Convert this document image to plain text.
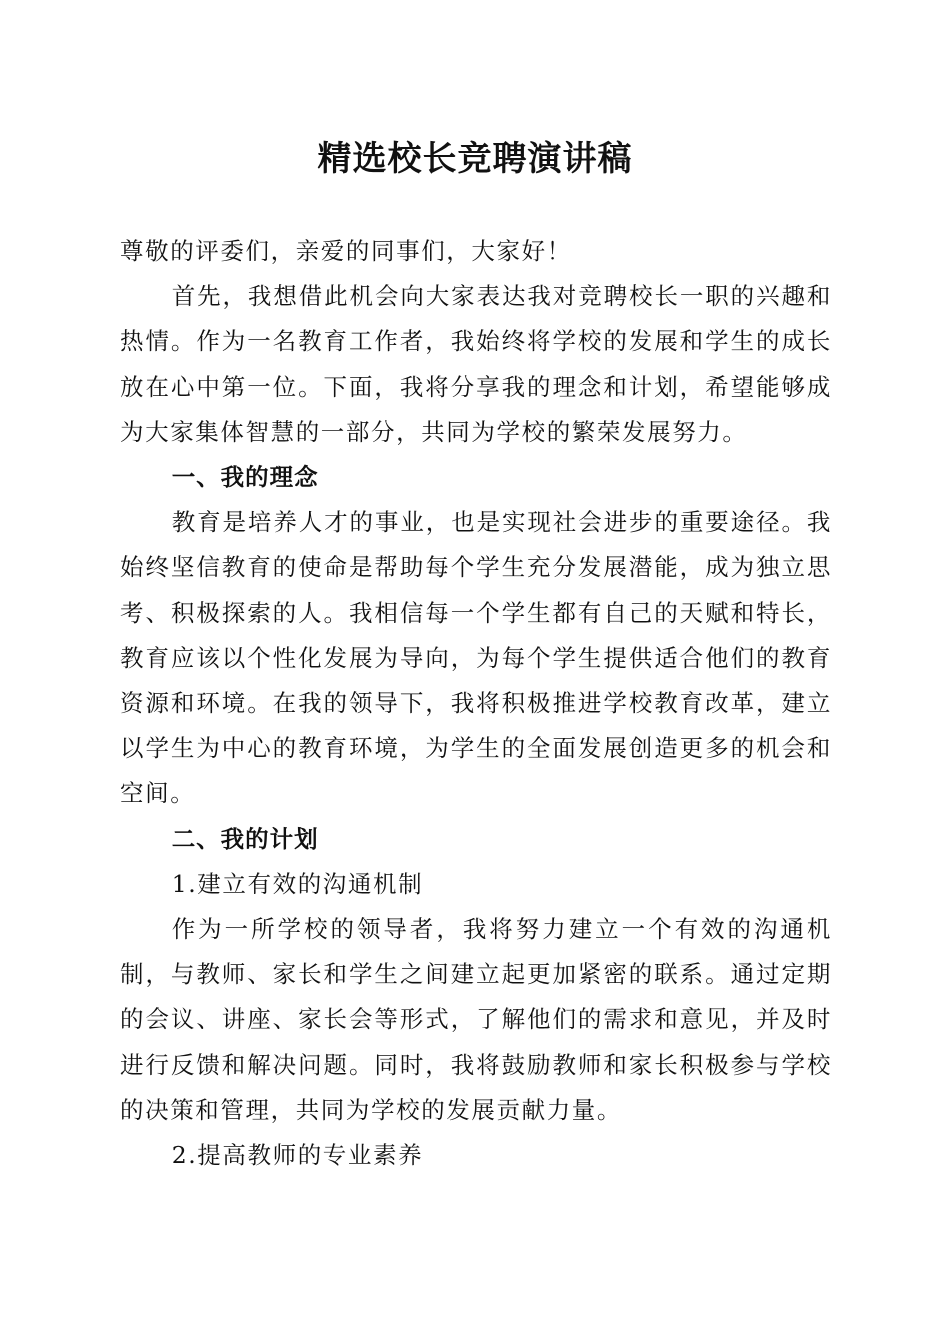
精选校长竞聘演讲稿

尊敬的评委们，亲爱的同事们，大家好！

首先，我想借此机会向大家表达我对竞聘校长一职的兴趣和热情。作为一名教育工作者，我始终将学校的发展和学生的成长放在心中第一位。下面，我将分享我的理念和计划，希望能够成为大家集体智慧的一部分，共同为学校的繁荣发展努力。

一、我的理念

教育是培养人才的事业，也是实现社会进步的重要途径。我始终坚信教育的使命是帮助每个学生充分发展潜能，成为独立思考、积极探索的人。我相信每一个学生都有自己的天赋和特长，教育应该以个性化发展为导向，为每个学生提供适合他们的教育资源和环境。在我的领导下，我将积极推进学校教育改革，建立以学生为中心的教育环境，为学生的全面发展创造更多的机会和空间。

二、我的计划

1.建立有效的沟通机制

作为一所学校的领导者，我将努力建立一个有效的沟通机制，与教师、家长和学生之间建立起更加紧密的联系。通过定期的会议、讲座、家长会等形式，了解他们的需求和意见，并及时进行反馈和解决问题。同时，我将鼓励教师和家长积极参与学校的决策和管理，共同为学校的发展贡献力量。

2.提高教师的专业素养
